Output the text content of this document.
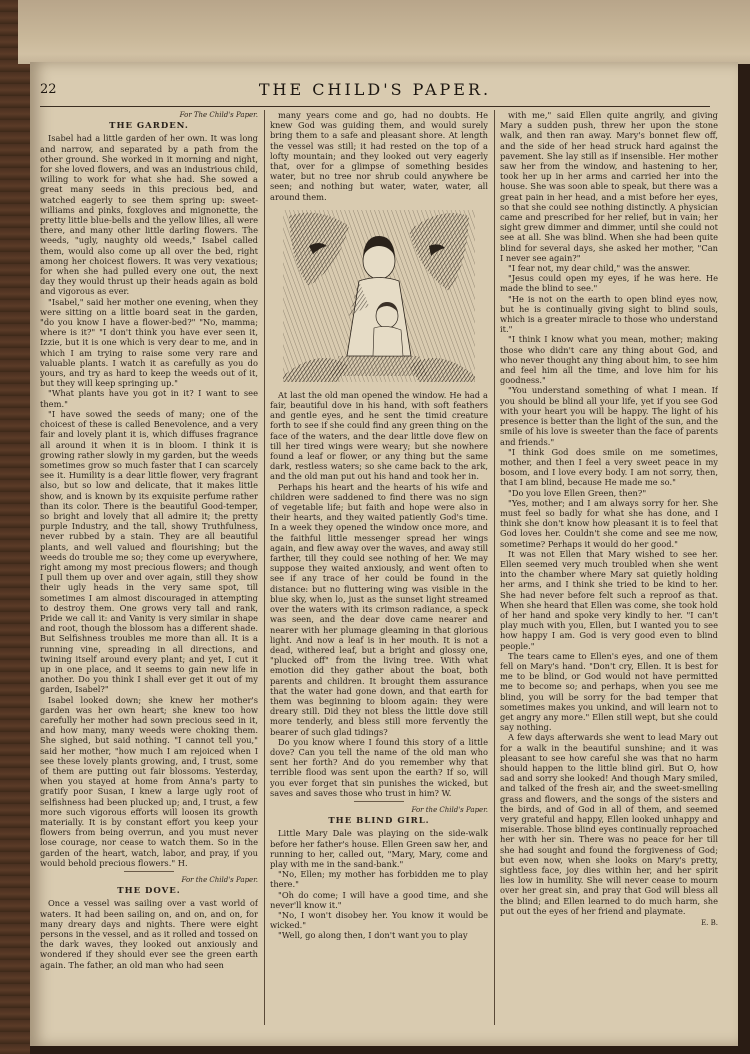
22	THE CHILD'S PAPER.
For The Child's Paper.
THE GARDEN.

Isabel had a little garden of her own. It was long and narrow, and separated by a path from the other ground. She worked in it morning and night, for she loved flowers, and was an industrious child, willing to work for what she had. She sowed a great many seeds in this precious bed, and watched eagerly to see them spring up: sweet-williams and pinks, foxgloves and mignonette, the pretty little blue-bells and the yellow lilies, all were there, and many other little darling flowers. The weeds, "ugly, naughty old weeds," Isabel called them, would also come up all over the bed, right among her choicest flowers. It was very vexatious; for when she had pulled every one out, the next day they would thrust up their heads again as bold and vigorous as ever.

"Isabel," said her mother one evening, when they were sitting on a little board seat in the garden, "do you know I have a flower-bed?" "No, mamma; where is it?" "I don't think you have ever seen it, Izzie, but it is one which is very dear to me, and in which I am trying to raise some very rare and valuable plants. I watch it as carefully as you do yours, and try as hard to keep the weeds out of it, but they will keep springing up."

"What plants have you got in it? I want to see them."

"I have sowed the seeds of many; one of the choicest of these is called Benevolence, and a very fair and lovely plant it is, which diffuses fragrance all around it when it is in bloom. I think it is growing rather slowly in my garden, but the weeds sometimes grow so much faster that I can scarcely see it. Humility is a dear little flower, very fragrant also, but so low and delicate, that it makes little show, and is known by its exquisite perfume rather than its color. There is the beautiful Good-temper, so bright and lovely that all admire it; the pretty purple Industry, and the tall, showy Truthfulness, never rubbed by a stain. They are all beautiful plants, and well valued and flourishing; but the weeds do trouble me so; they come up everywhere, right among my most precious flowers; and though I pull them up over and over again, still they show their ugly heads in the very same spot, till sometimes I am almost discouraged in attempting to destroy them. One grows very tall and rank, Pride we call it: and Vanity is very similar in shape and root, though the blossom has a different shade. But Selfishness troubles me more than all. It is a running vine, spreading in all directions, and twining itself around every plant; and yet, I cut it up in one place, and it seems to gain new life in another. Do you think I shall ever get it out of my garden, Isabel?"

Isabel looked down; she knew her mother's garden was her own heart; she knew too how carefully her mother had sown precious seed in it, and how many, many weeds were choking them. She sighed, but said nothing. "I cannot tell you," said her mother, "how much I am rejoiced when I see these lovely plants growing, and, I trust, some of them are putting out fair blossoms. Yesterday, when you stayed at home from Anna's party to gratify poor Susan, I knew a large ugly root of selfishness had been plucked up; and, I trust, a few more such vigorous efforts will loosen its growth materially. It is by constant effort you keep your flowers from being overrun, and you must never lose courage, nor cease to watch them. So in the garden of the heart, watch, labor, and pray, if you would behold precious flowers." H.

For the Child's Paper.
THE DOVE.

Once a vessel was sailing over a vast world of waters. It had been sailing on, and on, and on, for many dreary days and nights. There were eight persons in the vessel, and as it rolled and tossed on the dark waves, they looked out anxiously and wondered if they should ever see the green earth again. The father, an old man who had seen

many years come and go, had no doubts. He knew God was guiding them, and would surely bring them to a safe and pleasant shore. At length the vessel was still; it had rested on the top of a lofty mountain; and they looked out very eagerly that, over for a glimpse of something besides water, but no tree nor shrub could anywhere be seen; and nothing but water, water, water, all around them.

At last the old man opened the window. He had a fair, beautiful dove in his hand, with soft feathers and gentle eyes, and he sent the timid creature forth to see if she could find any green thing on the face of the waters, and the dear little dove flew on till her tired wings were weary; but she nowhere found a leaf or flower, or any thing but the same dark, restless waters; so she came back to the ark, and the old man put out his hand and took her in.

Perhaps his heart and the hearts of his wife and children were saddened to find there was no sign of vegetable life; but faith and hope were also in their hearts, and they waited patiently God's time. In a week they opened the window once more, and the faithful little messenger spread her wings again, and flew away over the waves, and away still farther, till they could see nothing of her. We may suppose they waited anxiously, and went often to see if any trace of her could be found in the distance: but no fluttering wing was visible in the blue sky, when lo, just as the sunset light streamed over the waters with its crimson radiance, a speck was seen, and the dear dove came nearer and nearer with her plumage gleaming in that glorious light. And now a leaf is in her mouth. It is not a dead, withered leaf, but a bright and glossy one, "plucked off" from the living tree. With what emotion did they gather about the boat, both parents and children. It brought them assurance that the water had gone down, and that earth for them was beginning to bloom again: they were dreary still. Did they not bless the little dove still more tenderly, and bless still more fervently the bearer of such glad tidings?

Do you know where I found this story of a little dove? Can you tell the name of the old man who sent her forth? And do you remember why that terrible flood was sent upon the earth? If so, will you ever forget that sin punishes the wicked, but saves and saves those who trust in him? W.

For the Child's Paper.
THE BLIND GIRL.

Little Mary Dale was playing on the side-walk before her father's house. Ellen Green saw her, and running to her, called out, "Mary, Mary, come and play with me in the sand-bank."

"No, Ellen; my mother has forbidden me to play there."

"Oh do come; I will have a good time, and she never'll know it."

"No, I won't disobey her. You know it would be wicked."

"Well, go along then, I don't want you to play

with me," said Ellen quite angrily, and giving Mary a sudden push, threw her upon the stone walk, and then ran away. Mary's bonnet flew off, and the side of her head struck hard against the pavement. She lay still as if insensible. Her mother saw her from the window, and hastening to her, took her up in her arms and carried her into the house. She was soon able to speak, but there was a great pain in her head, and a mist before her eyes, so that she could see nothing distinctly. A physician came and prescribed for her relief, but in vain; her sight grew dimmer and dimmer, until she could not see at all. She was blind. When she had been quite blind for several days, she asked her mother, "Can I never see again?"

"I fear not, my dear child," was the answer.

"Jesus could open my eyes, if he was here. He made the blind to see."

"He is not on the earth to open blind eyes now, but he is continually giving sight to blind souls, which is a greater miracle to those who understand it."

"I think I know what you mean, mother; making those who didn't care any thing about God, and who never thought any thing about him, to see him and feel him all the time, and love him for his goodness."

"You understand something of what I mean. If you should be blind all your life, yet if you see God with your heart you will be happy. The light of his presence is better than the light of the sun, and the smile of his love is sweeter than the face of parents and friends."

"I think God does smile on me sometimes, mother, and then I feel a very sweet peace in my bosom, and I love every body. I am not sorry, then, that I am blind, because He made me so."

"Do you love Ellen Green, then?"

"Yes, mother; and I am always sorry for her. She must feel so badly for what she has done, and I think she don't know how pleasant it is to feel that God loves her. Couldn't she come and see me now, sometime? Perhaps it would do her good."

It was not Ellen that Mary wished to see her. Ellen seemed very much troubled when she went into the chamber where Mary sat quietly holding her arms, and I think she tried to be kind to her. She had never before felt such a reproof as that. When she heard that Ellen was come, she took hold of her hand and spoke very kindly to her. "I can't play much with you, Ellen, but I wanted you to see how happy I am. God is very good even to blind people."

The tears came to Ellen's eyes, and one of them fell on Mary's hand. "Don't cry, Ellen. It is best for me to be blind, or God would not have permitted me to become so; and perhaps, when you see me blind, you will be sorry for the bad temper that sometimes makes you unkind, and will learn not to get angry any more." Ellen still wept, but she could say nothing.

A few days afterwards she went to lead Mary out for a walk in the beautiful sunshine; and it was pleasant to see how careful she was that no harm should happen to the little blind girl. But O, how sad and sorry she looked! And though Mary smiled, and talked of the fresh air, and the sweet-smelling grass and flowers, and the songs of the sisters and the birds, and of God in all of them, and seemed very grateful and happy, Ellen looked unhappy and miserable. Those blind eyes continually reproached her with her sin. There was no peace for her till she had sought and found the forgiveness of God; but even now, when she looks on Mary's pretty, sightless face, joy dies within her, and her spirit lies low in humility. She will never cease to mourn over her great sin, and pray that God will bless all the blind; and Ellen learned to do much harm, she put out the eyes of her friend and playmate.

E. B.
